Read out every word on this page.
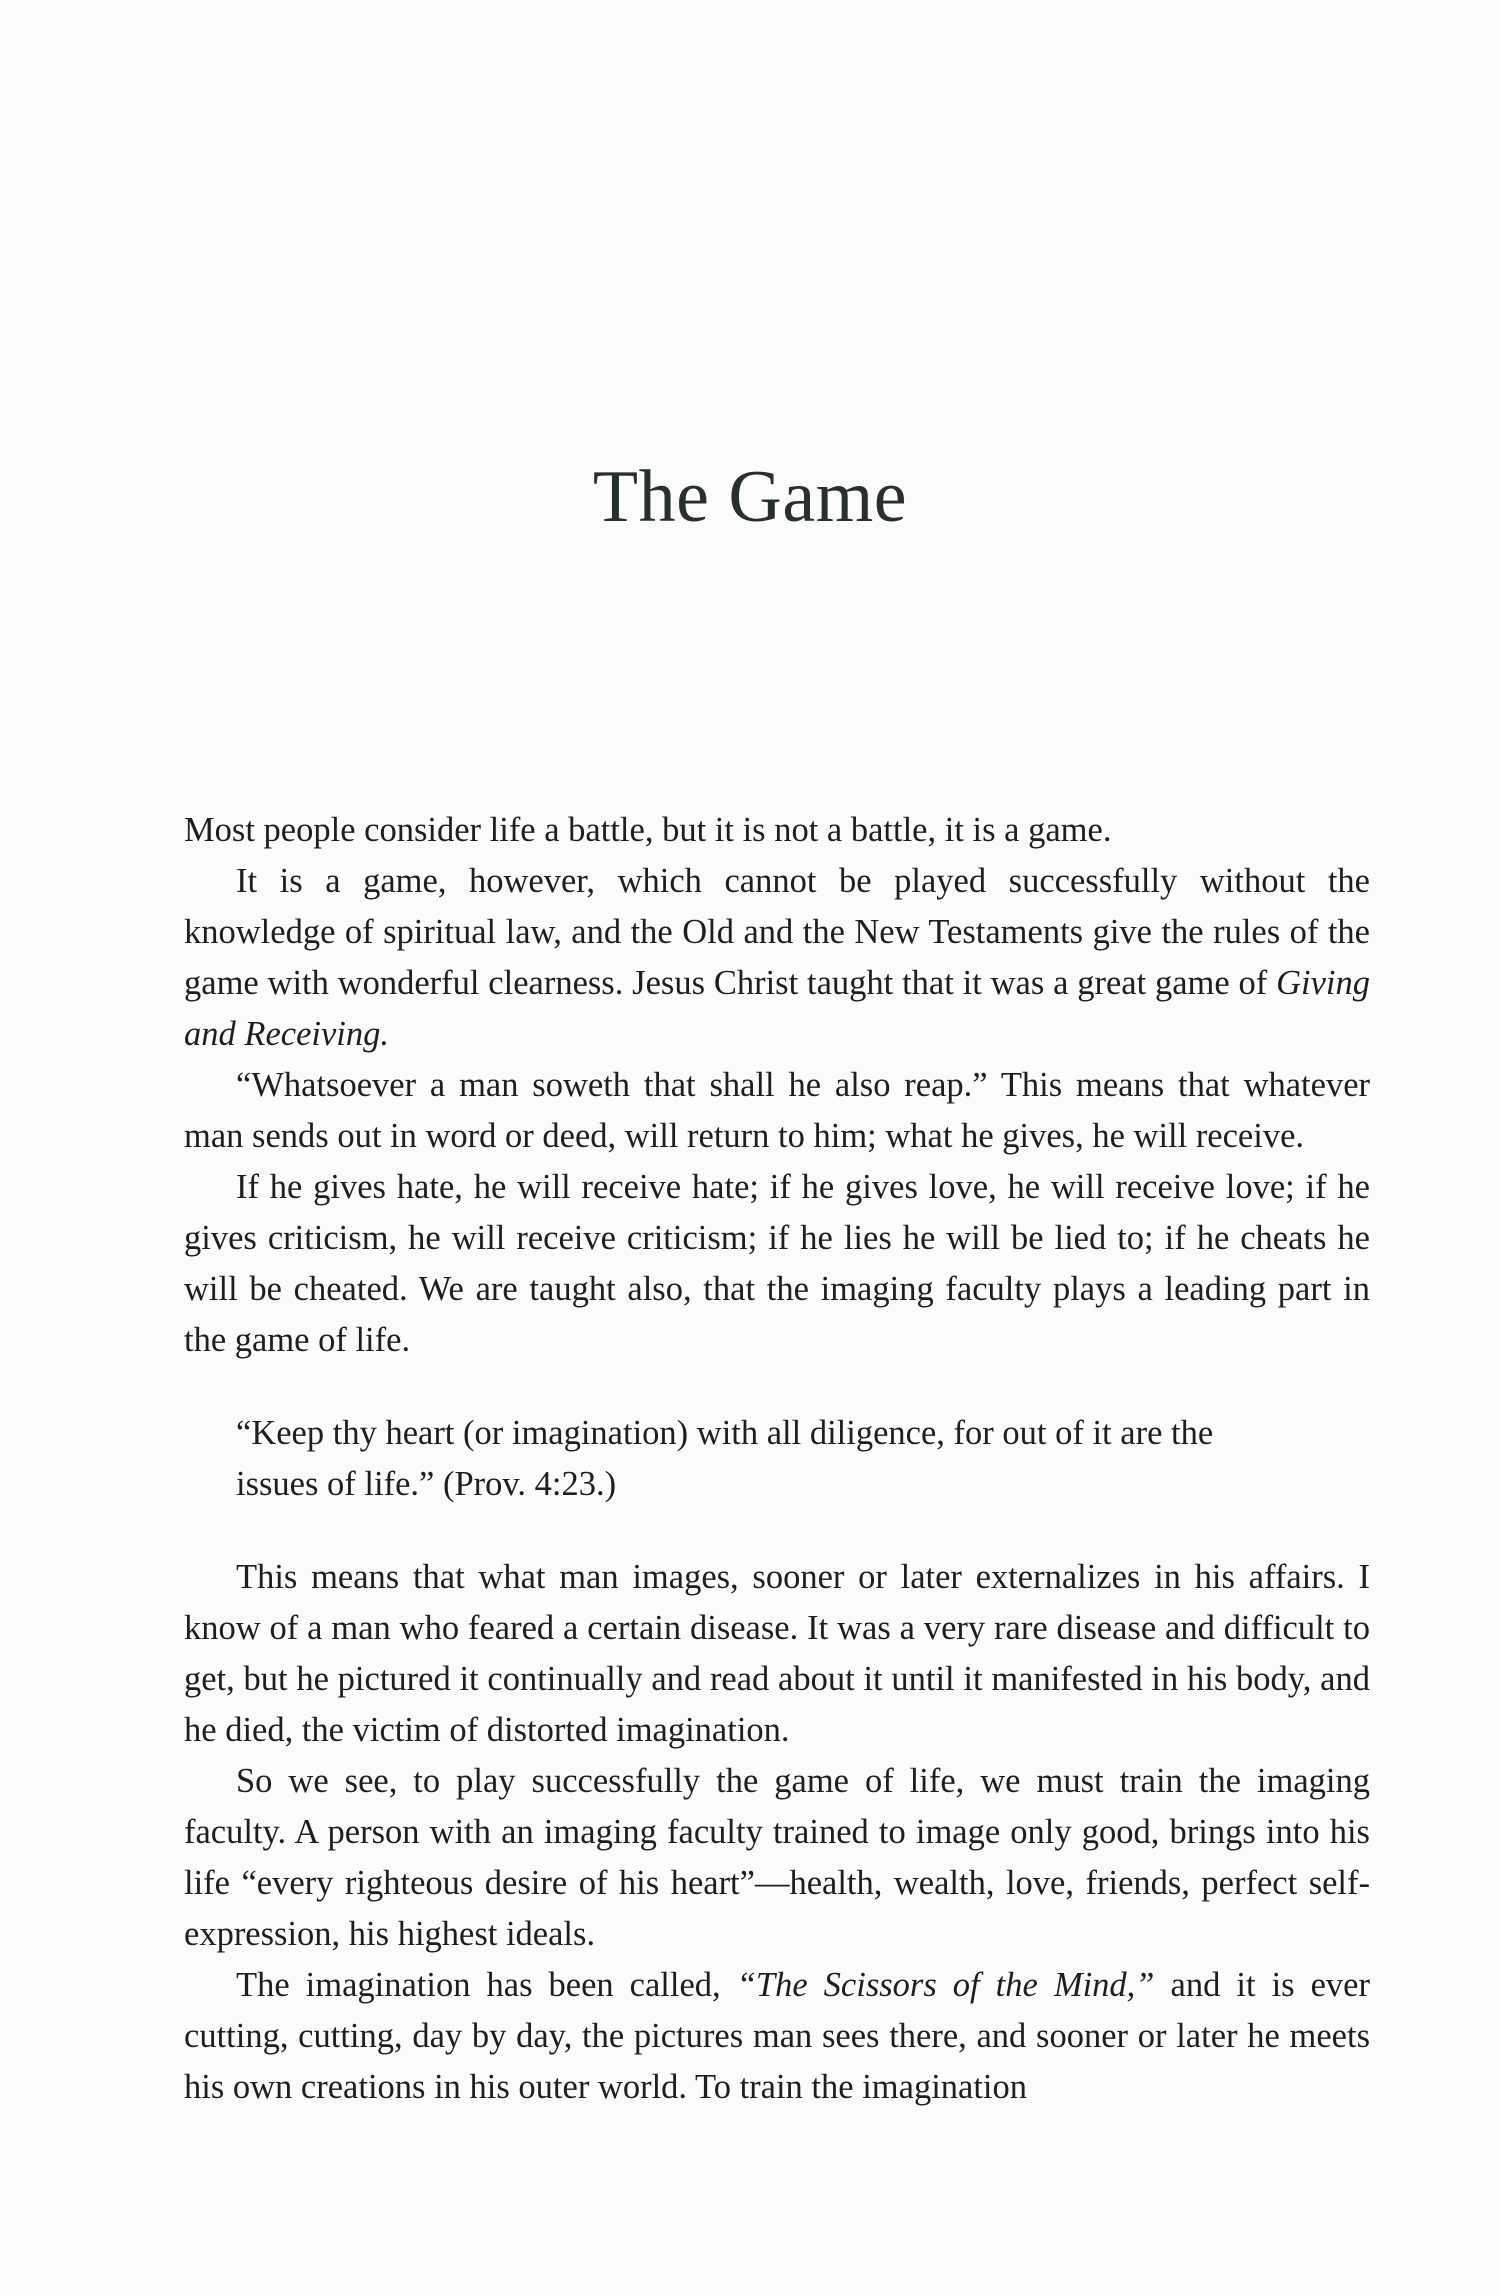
The Game

Most people consider life a battle, but it is not a battle, it is a game.

It is a game, however, which cannot be played successfully without the knowledge of spiritual law, and the Old and the New Testaments give the rules of the game with wonderful clearness. Jesus Christ taught that it was a great game of Giving and Receiving.

“Whatsoever a man soweth that shall he also reap.” This means that whatever man sends out in word or deed, will return to him; what he gives, he will receive.

If he gives hate, he will receive hate; if he gives love, he will receive love; if he gives criticism, he will receive criticism; if he lies he will be lied to; if he cheats he will be cheated. We are taught also, that the imaging faculty plays a leading part in the game of life.

“Keep thy heart (or imagination) with all diligence, for out of it are the issues of life.” (Prov. 4:23.)

This means that what man images, sooner or later externalizes in his affairs. I know of a man who feared a certain disease. It was a very rare disease and difficult to get, but he pictured it continually and read about it until it manifested in his body, and he died, the victim of distorted imagination.

So we see, to play successfully the game of life, we must train the imaging faculty. A person with an imaging faculty trained to image only good, brings into his life “every righteous desire of his heart”—health, wealth, love, friends, perfect self-expression, his highest ideals.

The imagination has been called, “The Scissors of the Mind,” and it is ever cutting, cutting, day by day, the pictures man sees there, and sooner or later he meets his own creations in his outer world. To train the imagination
